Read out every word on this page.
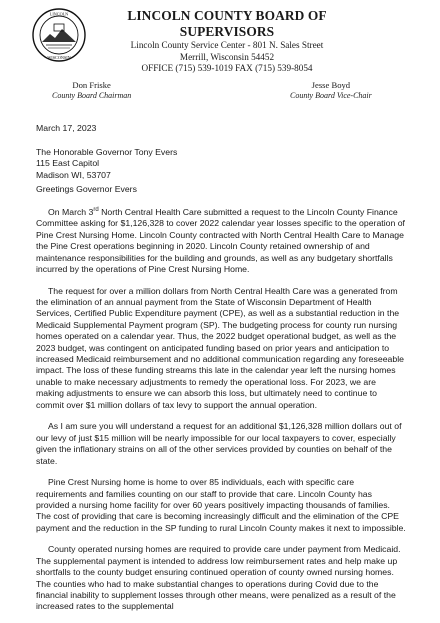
LINCOLN
WISCONSIN
LINCOLN COUNTY BOARD OF SUPERVISORS
Lincoln County Service Center - 801 N. Sales Street
Merrill, Wisconsin 54452
OFFICE (715) 539-1019 FAX (715) 539-8054
Don Friske
County Board Chairman
Jesse Boyd
County Board Vice-Chair
March 17, 2023
The Honorable Governor Tony Evers
115 East Capitol
Madison WI, 53707
Greetings Governor Evers

On March 3rd North Central Health Care submitted a request to the Lincoln County Finance Committee asking for $1,126,328 to cover 2022 calendar year losses specific to the operation of Pine Crest Nursing Home. Lincoln County contracted with North Central Health Care to Manage the Pine Crest operations beginning in 2020. Lincoln County retained ownership of and maintenance responsibilities for the building and grounds, as well as any budgetary shortfalls incurred by the operations of Pine Crest Nursing Home.

The request for over a million dollars from North Central Health Care was a generated from the elimination of an annual payment from the State of Wisconsin Department of Health Services, Certified Public Expenditure payment (CPE), as well as a substantial reduction in the Medicaid Supplemental Payment program (SP). The budgeting process for county run nursing homes operated on a calendar year. Thus, the 2022 budget operational budget, as well as the 2023 budget, was contingent on anticipated funding based on prior years and anticipation to increased Medicaid reimbursement and no additional communication regarding any foreseeable impact. The loss of these funding streams this late in the calendar year left the nursing homes unable to make necessary adjustments to remedy the operational loss. For 2023, we are making adjustments to ensure we can absorb this loss, but ultimately need to continue to commit over $1 million dollars of tax levy to support the annual operation.

As I am sure you will understand a request for an additional $1,126,328 million dollars out of our levy of just $15 million will be nearly impossible for our local taxpayers to cover, especially given the inflationary strains on all of the other services provided by counties on behalf of the state.

Pine Crest Nursing home is home to over 85 individuals, each with specific care requirements and families counting on our staff to provide that care. Lincoln County has provided a nursing home facility for over 60 years positively impacting thousands of families. The cost of providing that care is becoming increasingly difficult and the elimination of the CPE payment and the reduction in the SP funding to rural Lincoln County makes it next to impossible.

County operated nursing homes are required to provide care under payment from Medicaid. The supplemental payment is intended to address low reimbursement rates and help make up shortfalls to the county budget ensuring continued operation of county owned nursing homes. The counties who had to make substantial changes to operations during Covid due to the financial inability to supplement losses through other means, were penalized as a result of the increased rates to the supplemental
